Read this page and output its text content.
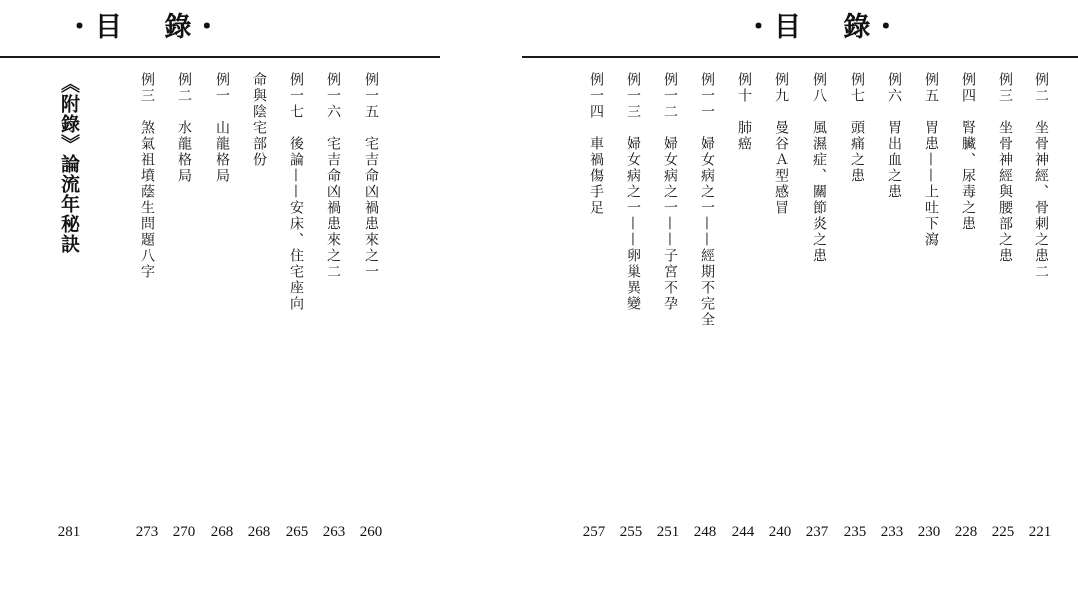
・目　 錄・
例一五　宅吉命凶禍患來之一
例一六　宅吉命凶禍患來之二
例一七　後論——安床、住宅座向
命與陰宅部份
例一　山龍格局
例二　水龍格局
例三　煞氣祖墳蔭生問題八字
《附錄》論流年秘訣
260
263
265
268
268
270
273
281
・目　 錄・
例二　坐骨神經、骨刺之患二
例三　坐骨神經與腰部之患
例四　腎臟、尿毒之患
例五　胃患——上吐下瀉
例六　胃出血之患
例七　頭痛之患
例八　風濕症、關節炎之患
例九　曼谷Ａ型感冒
例十　肺癌
例一一　婦女病之一——經期不完全
例一二　婦女病之一——子宮不孕
例一三　婦女病之一——卵巢異變
例一四　車禍傷手足
221
225
228
230
233
235
237
240
244
248
251
255
257
